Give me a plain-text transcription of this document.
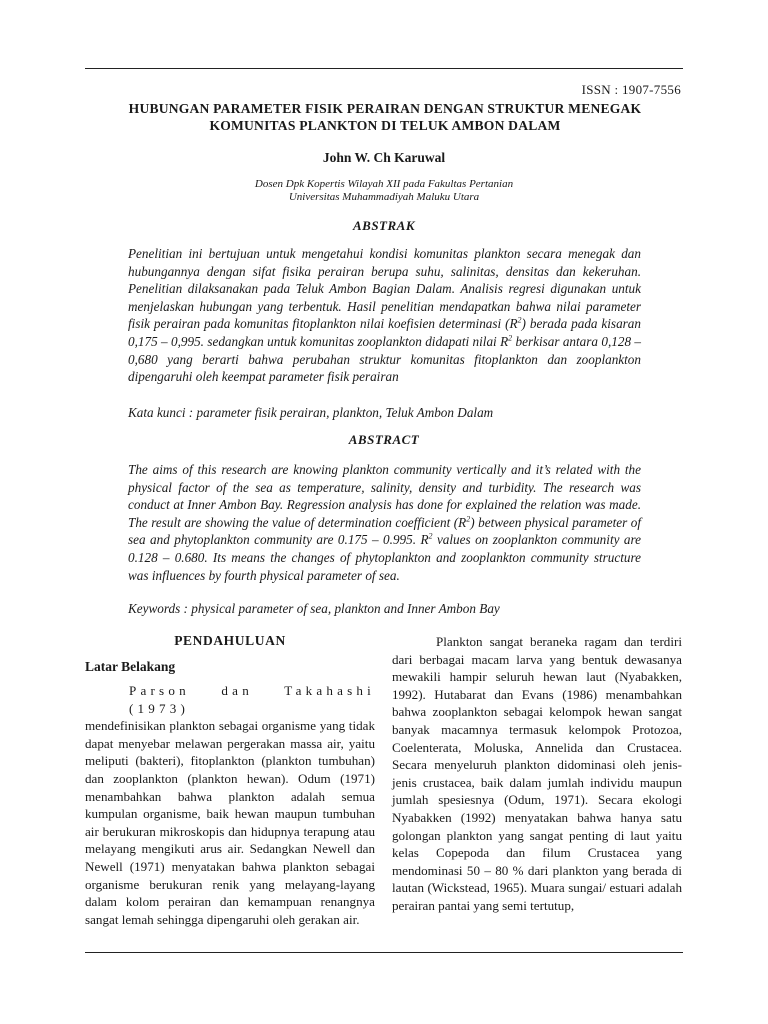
ISSN : 1907-7556
HUBUNGAN PARAMETER FISIK PERAIRAN DENGAN STRUKTUR MENEGAK
KOMUNITAS PLANKTON DI TELUK AMBON DALAM
John W. Ch Karuwal
Dosen Dpk Kopertis Wilayah XII pada Fakultas Pertanian
Universitas Muhammadiyah Maluku Utara
ABSTRAK

Penelitian ini bertujuan untuk mengetahui kondisi komunitas plankton secara menegak dan hubungannya dengan sifat fisika perairan berupa suhu, salinitas, densitas dan kekeruhan. Penelitian dilaksanakan pada Teluk Ambon Bagian Dalam. Analisis regresi digunakan untuk menjelaskan hubungan yang terbentuk. Hasil penelitian mendapatkan bahwa nilai parameter fisik perairan pada komunitas fitoplankton nilai koefisien determinasi $(R^2)$ berada pada kisaran 0,175 – 0,995. sedangkan untuk komunitas zooplankton didapati nilai $R^2$ berkisar antara 0,128 – 0,680 yang berarti bahwa perubahan struktur komunitas fitoplankton dan zooplankton dipengaruhi oleh keempat parameter fisik perairan

Kata kunci : parameter fisik perairan, plankton, Teluk Ambon Dalam
ABSTRACT

The aims of this research are knowing plankton community vertically and it’s related with the physical factor of the sea as temperature, salinity, density and turbidity. The research was conduct at Inner Ambon Bay. Regression analysis has done for explained the relation was made. The result are showing the value of determination coefficient $(R^2)$ between physical parameter of sea and phytoplankton community are 0.175 – 0.995. $R^2$ values on zooplankton community are 0.128 – 0.680. Its means the changes of phytoplankton and zooplankton community structure was influences by fourth physical parameter of sea.

Keywords : physical parameter of sea, plankton and Inner Ambon Bay
PENDAHULUAN
Latar Belakang

Parson dan Takahashi (1973) mendefinisikan plankton sebagai organisme yang tidak dapat menyebar melawan pergerakan massa air, yaitu meliputi (bakteri), fitoplankton (plankton tumbuhan) dan zooplankton (plankton hewan). Odum (1971) menambahkan bahwa plankton adalah semua kumpulan organisme, baik hewan maupun tumbuhan air berukuran mikroskopis dan hidupnya terapung atau melayang mengikuti arus air. Sedangkan Newell dan Newell (1971) menyatakan bahwa plankton sebagai organisme berukuran renik yang melayang-layang dalam kolom perairan dan kemampuan renangnya sangat lemah sehingga dipengaruhi oleh gerakan air.

Plankton sangat beraneka ragam dan terdiri dari berbagai macam larva yang bentuk dewasanya mewakili hampir seluruh hewan laut (Nyabakken, 1992). Hutabarat dan Evans (1986) menambahkan bahwa zooplankton sebagai kelompok hewan sangat banyak macamnya termasuk kelompok Protozoa, Coelenterata, Moluska, Annelida dan Crustacea. Secara menyeluruh plankton didominasi oleh jenis-jenis crustacea, baik dalam jumlah individu maupun jumlah spesiesnya (Odum, 1971). Secara ekologi Nyabakken (1992) menyatakan bahwa hanya satu golongan plankton yang sangat penting di laut yaitu kelas Copepoda dan filum Crustacea yang mendominasi 50 – 80 % dari plankton yang berada di lautan (Wickstead, 1965). Muara sungai/ estuari adalah perairan pantai yang semi tertutup,
